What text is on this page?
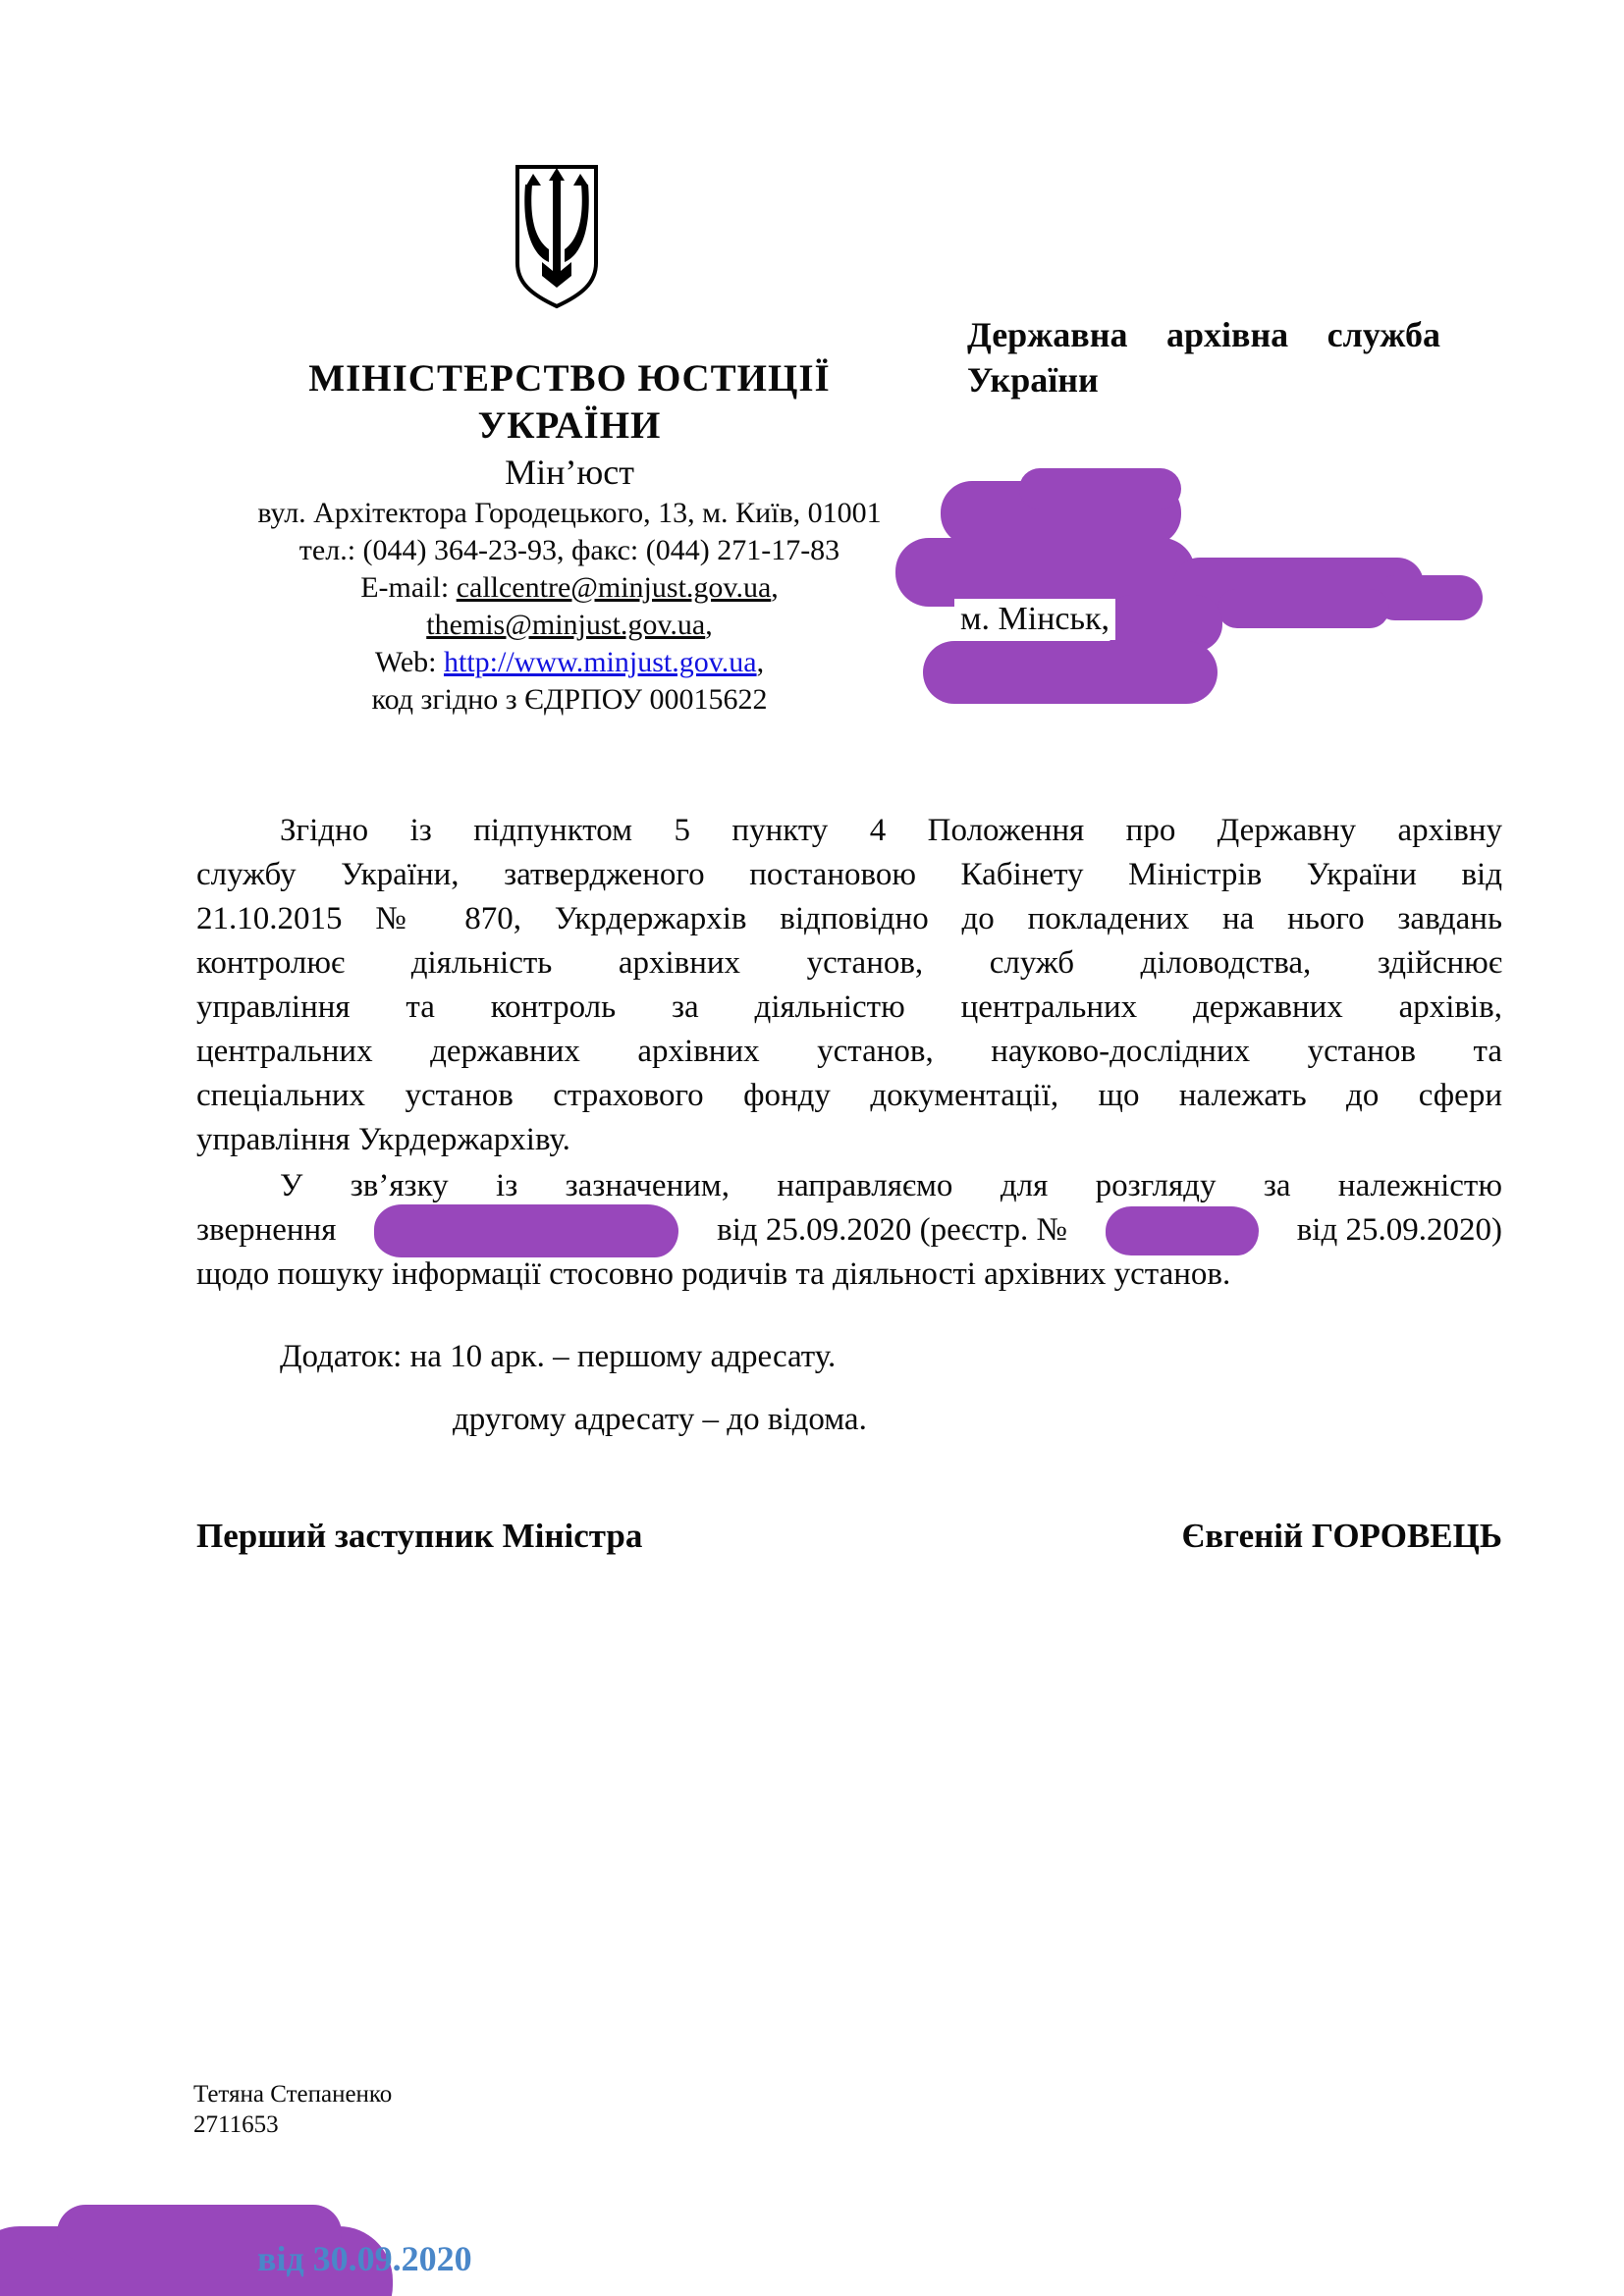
МІНІСТЕРСТВО ЮСТИЦІЇ
УКРАЇНИ
Мін’юст
вул. Архітектора Городецького, 13, м. Київ, 01001
тел.: (044) 364-23-93, факс: (044) 271-17-83
E-mail: callcentre@minjust.gov.ua,
themis@minjust.gov.ua,
Web: http://www.minjust.gov.ua,
код згідно з ЄДРПОУ 00015622
Державна архівна служба
України
м. Мінськ,
Згідно із підпунктом 5 пункту 4 Положення про Державну архівну
службу України, затвердженого постановою Кабінету Міністрів України від
21.10.2015 № 870, Укрдержархів відповідно до покладених на нього завдань
контролює діяльність архівних установ, служб діловодства, здійснює
управління та контроль за діяльністю центральних державних архівів,
центральних державних архівних установ, науково-дослідних установ та
спеціальних установ страхового фонду документації, що належать до сфери
управління Укрдержархіву.
У зв’язку із зазначеним, направляємо для розгляду за належністю
звернення	від 25.09.2020 (реєстр. №	від 25.09.2020)
щодо пошуку інформації стосовно родичів та діяльності архівних установ.
Додаток: на 10 арк. – першому адресату.
другому адресату – до відома.
Перший заступник Міністра	Євгеній ГОРОВЕЦЬ
Тетяна Степаненко
2711653
від 30.09.2020
